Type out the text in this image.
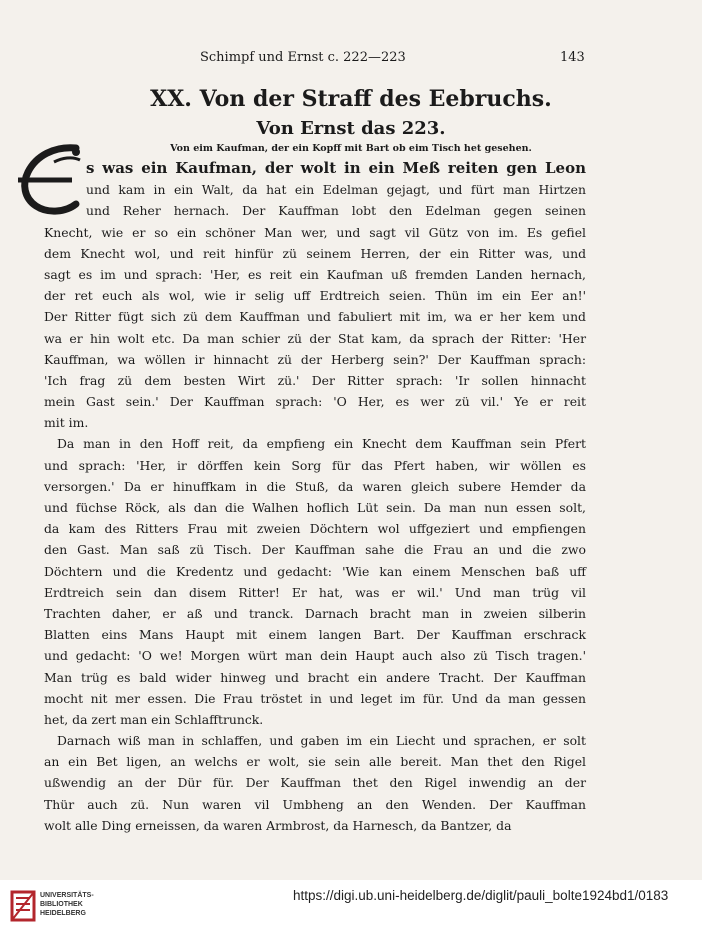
Schimpf und Ernst c. 222—223	143
XX. Von der Straff des Eebruchs.
Von Ernst das 223.
Von eim Kaufman, der ein Kopff mit Bart ob eim Tisch het gesehen.
s was ein Kaufman, der wolt in ein Meß reiten gen Leon
und kam in ein Walt, da hat ein Edelman gejagt, und fürt man Hirtzen
und Reher hernach. Der Kauffman lobt den Edelman gegen seinen
Knecht, wie er so ein schöner Man wer, und sagt vil Gütz von im. Es gefiel
dem Knecht wol, und reit hinfür zü seinem Herren, der ein Ritter was, und
sagt es im und sprach: 'Her, es reit ein Kaufman uß fremden Landen hernach,
der ret euch als wol, wie ir selig uff Erdtreich seien. Thün im ein Eer an!'
Der Ritter fügt sich zü dem Kauffman und fabuliert mit im, wa er her kem und
wa er hin wolt etc. Da man schier zü der Stat kam, da sprach der Ritter: 'Her
Kauffman, wa wöllen ir hinnacht zü der Herberg sein?' Der Kauffman sprach:
'Ich frag zü dem besten Wirt zü.' Der Ritter sprach: 'Ir sollen hinnacht
mein Gast sein.' Der Kauffman sprach: 'O Her, es wer zü vil.' Ye er reit
mit im.
Da man in den Hoff reit, da empfieng ein Knecht dem Kauffman sein Pfert
und sprach: 'Her, ir dörffen kein Sorg für das Pfert haben, wir wöllen es
versorgen.' Da er hinuffkam in die Stuß, da waren gleich subere Hemder da
und füchse Röck, als dan die Walhen hoflich Lüt sein. Da man nun essen solt,
da kam des Ritters Frau mit zweien Döchtern wol uffgeziert und empfiengen
den Gast. Man saß zü Tisch. Der Kauffman sahe die Frau an und die zwo
Döchtern und die Kredentz und gedacht: 'Wie kan einem Menschen baß uff
Erdtreich sein dan disem Ritter! Er hat, was er wil.' Und man trüg vil
Trachten daher, er aß und tranck. Darnach bracht man in zweien silberin
Blatten eins Mans Haupt mit einem langen Bart. Der Kauffman erschrack
und gedacht: 'O we! Morgen würt man dein Haupt auch also zü Tisch tragen.'
Man trüg es bald wider hinweg und bracht ein andere Tracht. Der Kauffman
mocht nit mer essen. Die Frau tröstet in und leget im für. Und da man gessen
het, da zert man ein Schlafftrunck.
Darnach wiß man in schlaffen, und gaben im ein Liecht und sprachen, er solt
an ein Bet ligen, an welchs er wolt, sie sein alle bereit. Man thet den Rigel
ußwendig an der Dür für. Der Kauffman thet den Rigel inwendig an der
Thür auch zü. Nun waren vil Umbheng an den Wenden. Der Kauffman
wolt alle Ding erneissen, da waren Armbrost, da Harnesch, da Bantzer, da
UNIVERSITÄTS-
BIBLIOTHEK
HEIDELBERG
https://digi.ub.uni-heidelberg.de/diglit/pauli_bolte1924bd1/0183
